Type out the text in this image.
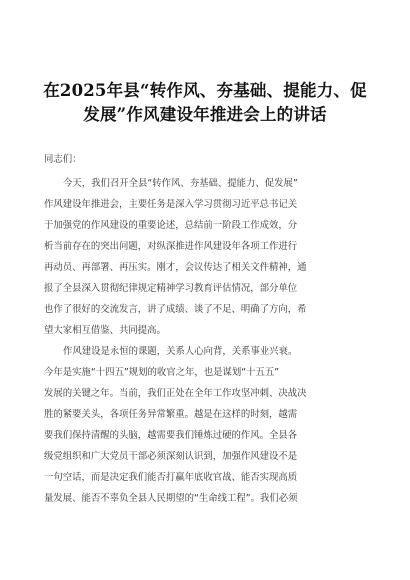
在2025年县“转作风、夯基础、提能力、促
发展”作风建设年推进会上的讲话
同志们：
今天，我们召开全县“转作风、夯基础、提能力、促发展”
作风建设年推进会，主要任务是深入学习贯彻习近平总书记关
于加强党的作风建设的重要论述，总结前一阶段工作成效，分
析当前存在的突出问题，对纵深推进作风建设年各项工作进行
再动员、再部署、再压实。刚才，会议传达了相关文件精神，通
报了全县深入贯彻纪律规定精神学习教育评估情况，部分单位
也作了很好的交流发言，讲了成绩、谈了不足、明确了方向，希
望大家相互借鉴、共同提高。
作风建设是永恒的课题，关系人心向背，关系事业兴衰。
今年是实施“十四五”规划的收官之年，也是谋划“十五五”
发展的关键之年。当前，我们正处在全年工作攻坚冲刺、决战决
胜的紧要关头，各项任务异常繁重。越是在这样的时刻，越需
要我们保持清醒的头脑，越需要我们锤炼过硬的作风。全县各
级党组织和广大党员干部必须深刻认识到，加强作风建设不是
一句空话，而是决定我们能否打赢年底收官战、能否实现高质
量发展、能否不辜负全县人民期望的“生命线工程”。我们必须
